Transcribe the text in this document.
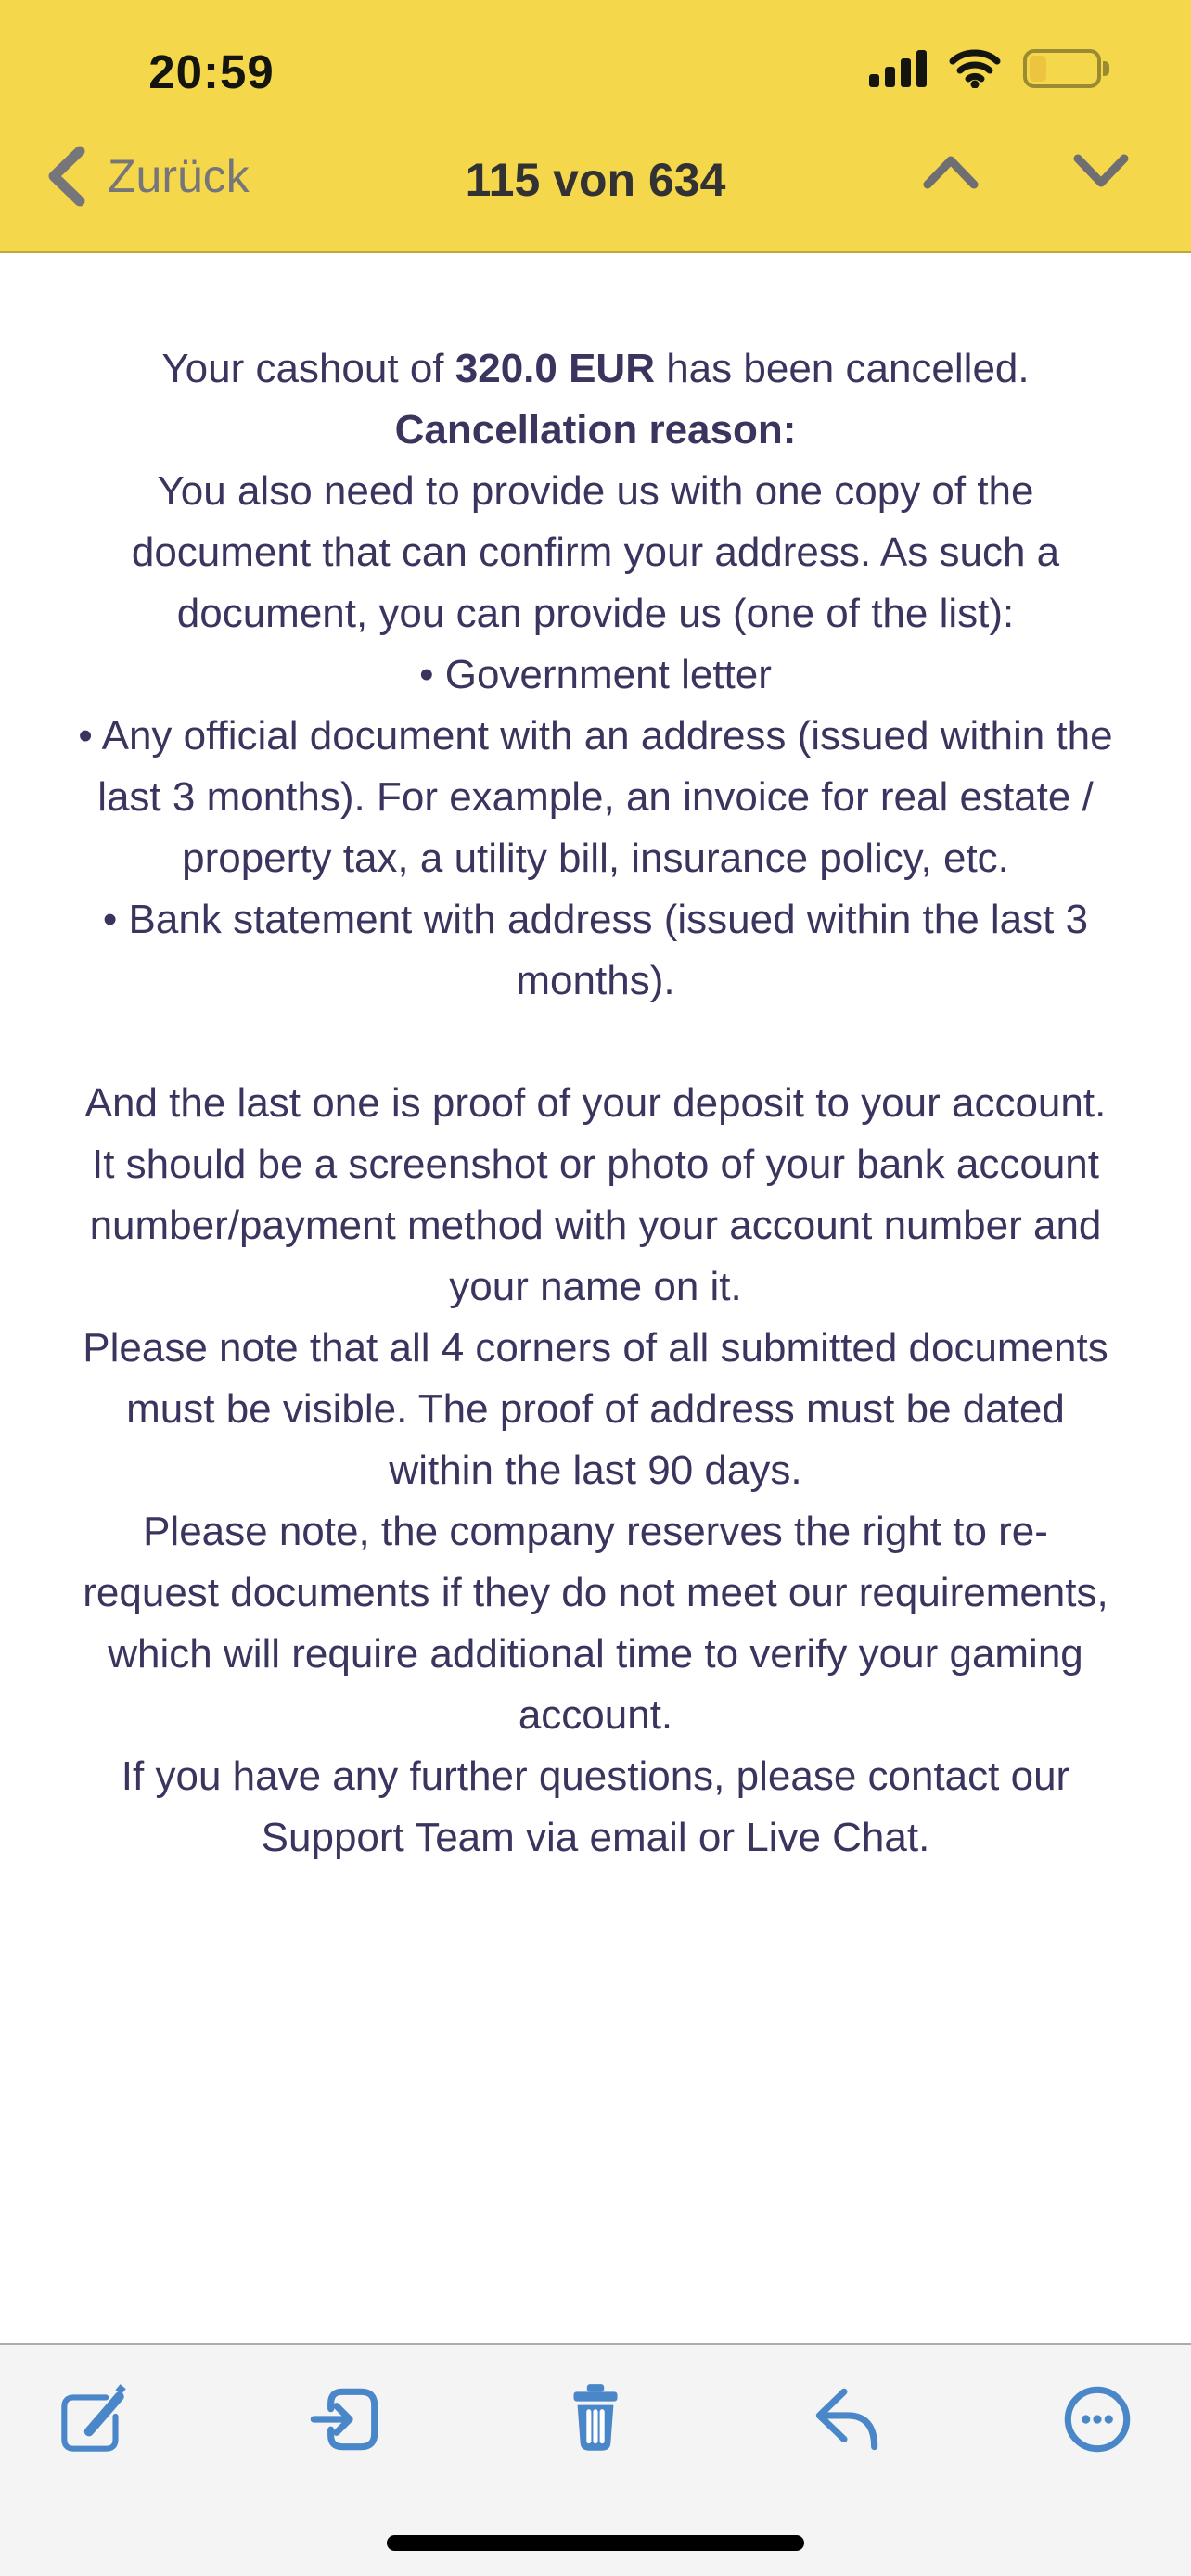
20:59
Zurück	115 von 634

Your cashout of 320.0 EUR has been cancelled.

Cancellation reason:

You also need to provide us with one copy of the document that can confirm your address. As such a document, you can provide us (one of the list):

• Government letter
• Any official document with an address (issued within the last 3 months). For example, an invoice for real estate / property tax, a utility bill, insurance policy, etc.
• Bank statement with address (issued within the last 3 months).

And the last one is proof of your deposit to your account. It should be a screenshot or photo of your bank account number/payment method with your account number and your name on it.

Please note that all 4 corners of all submitted documents must be visible. The proof of address must be dated within the last 90 days.

Please note, the company reserves the right to re-request documents if they do not meet our requirements, which will require additional time to verify your gaming account.

If you have any further questions, please contact our Support Team via email or Live Chat.
